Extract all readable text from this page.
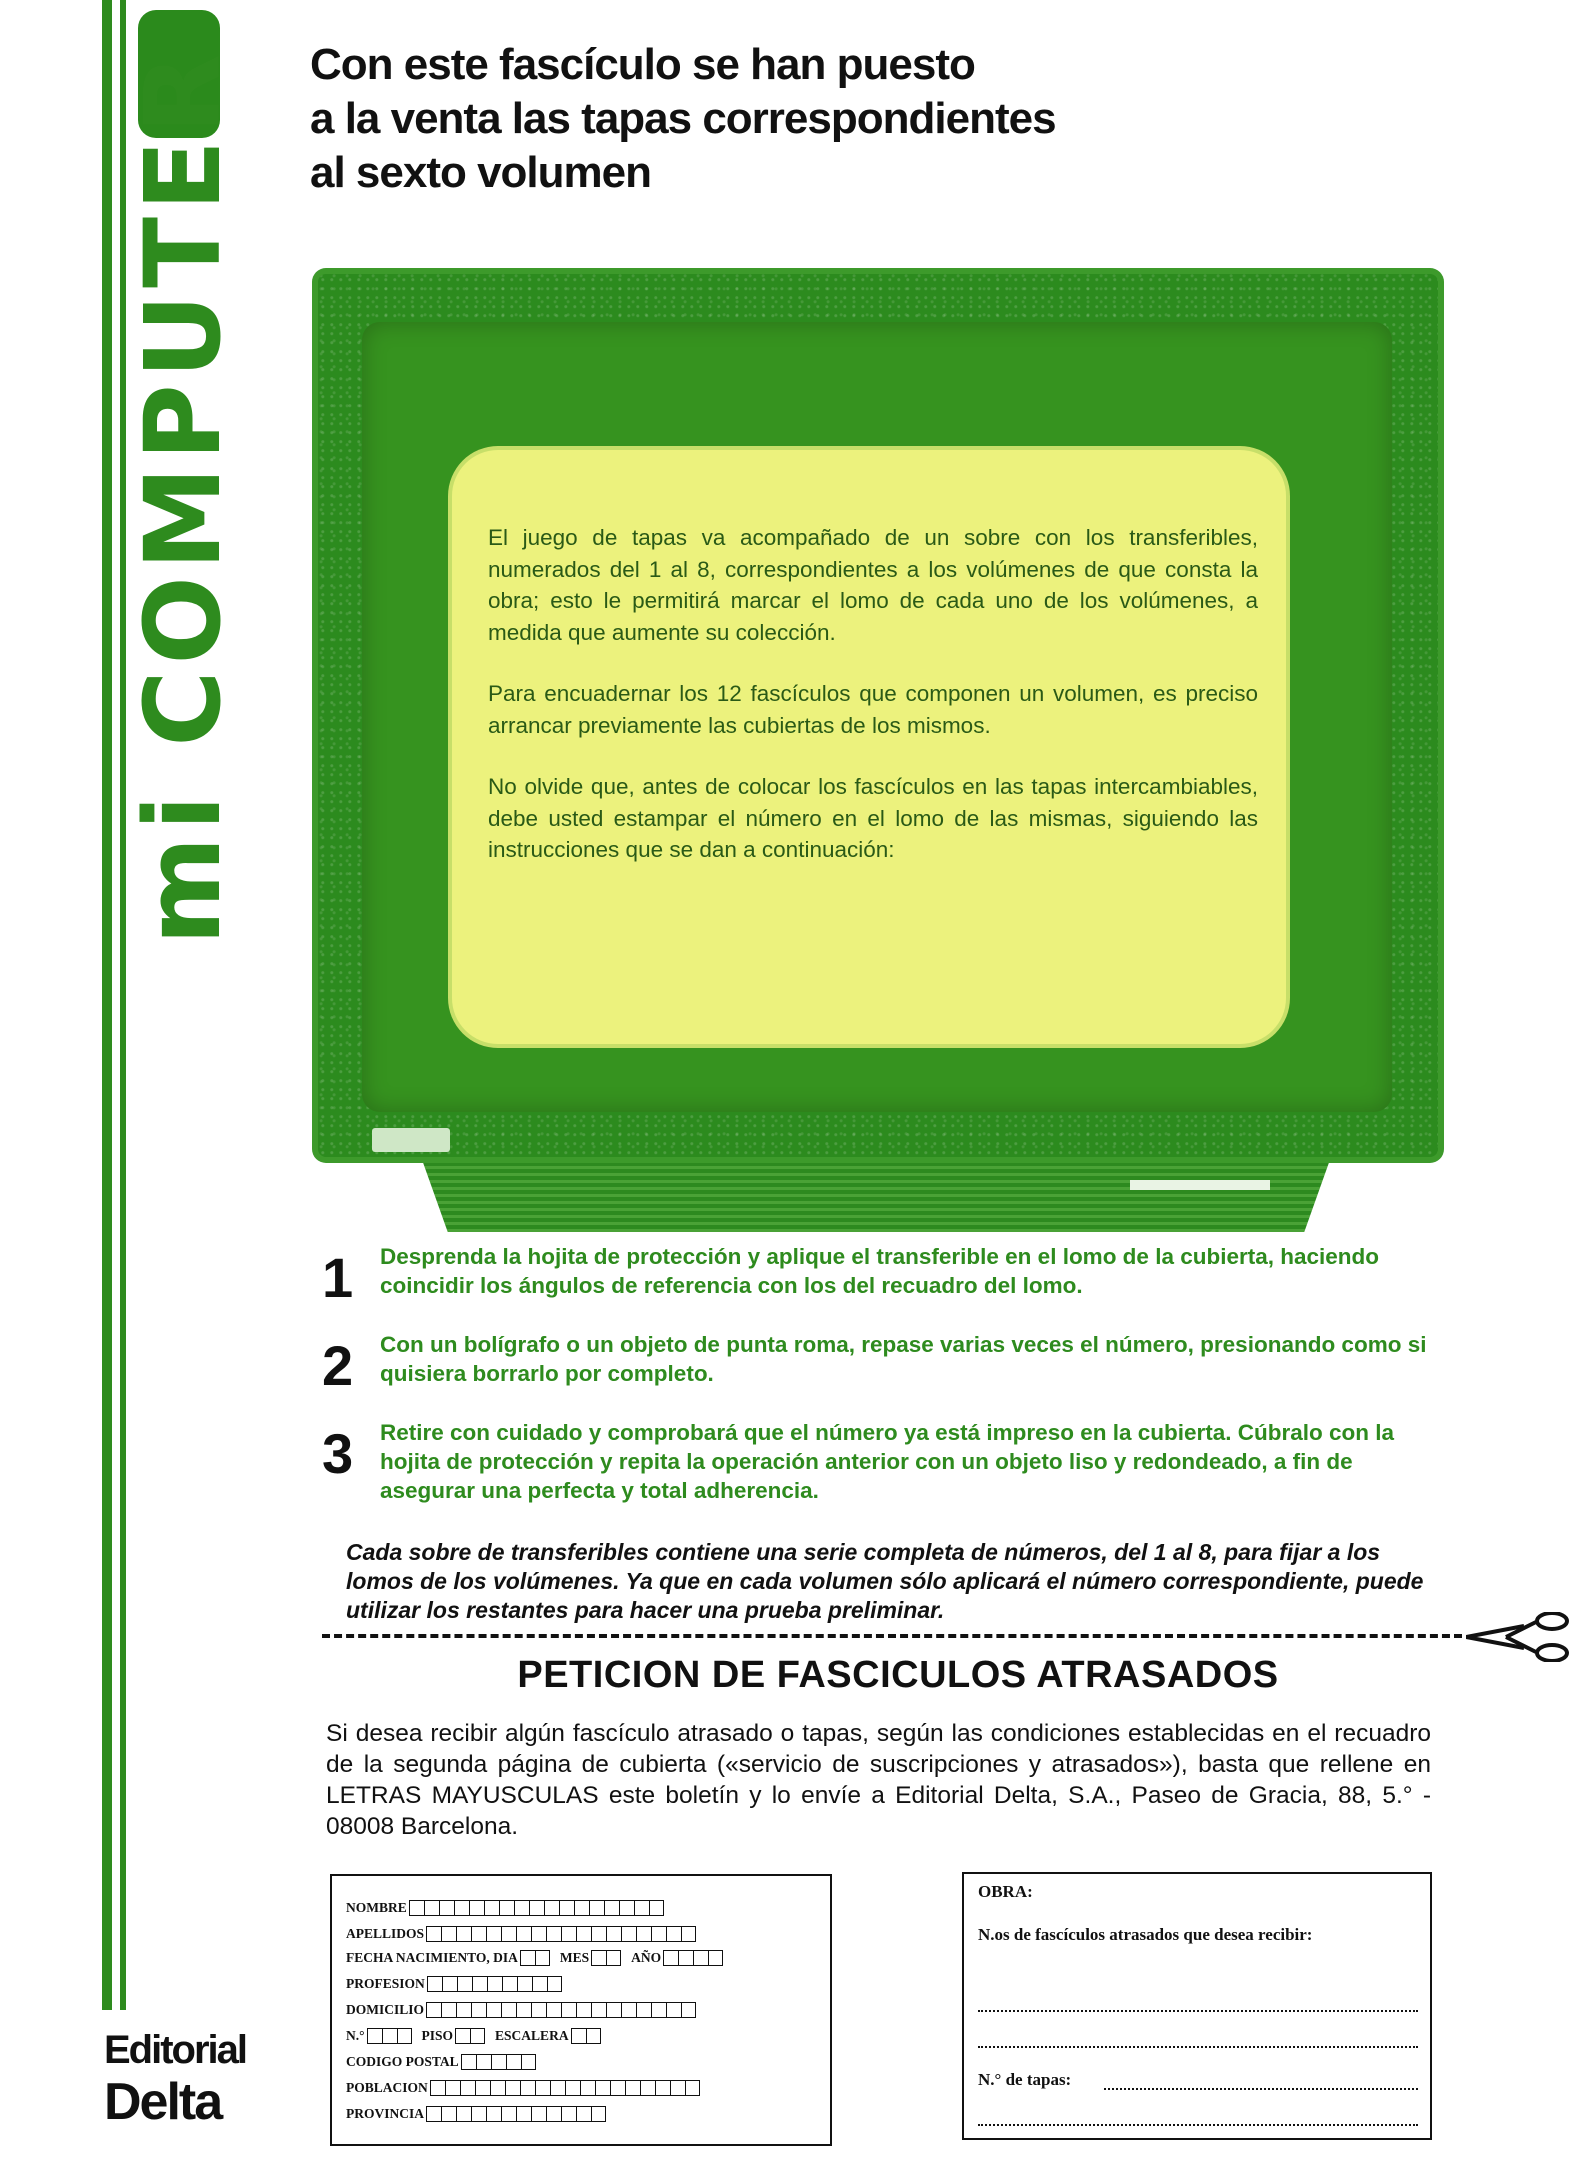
mi COMPUTER
Editorial
Delta
Con este fascículo se han puesto
a la venta las tapas correspondientes
al sexto volumen

El juego de tapas va acompañado de un sobre con los transferibles, numerados del 1 al 8, correspondientes a los volúmenes de que consta la obra; esto le permitirá marcar el lomo de cada uno de los volúmenes, a medida que aumente su colección.

Para encuadernar los 12 fascículos que componen un volumen, es preciso arrancar previamente las cubiertas de los mismos.

No olvide que, antes de colocar los fascículos en las tapas intercambiables, debe usted estampar el número en el lomo de las mismas, siguiendo las instrucciones que se dan a continuación:

1 Desprenda la hojita de protección y aplique el transferible en el lomo de la cubierta, haciendo coincidir los ángulos de referencia con los del recuadro del lomo.
2 Con un bolígrafo o un objeto de punta roma, repase varias veces el número, presionando como si quisiera borrarlo por completo.
3 Retire con cuidado y comprobará que el número ya está impreso en la cubierta. Cúbralo con la hojita de protección y repita la operación anterior con un objeto liso y redondeado, a fin de asegurar una perfecta y total adherencia.
Cada sobre de transferibles contiene una serie completa de números, del 1 al 8, para fijar a los lomos de los volúmenes. Ya que en cada volumen sólo aplicará el número correspondiente, puede utilizar los restantes para hacer una prueba preliminar.
PETICION DE FASCICULOS ATRASADOS
Si desea recibir algún fascículo atrasado o tapas, según las condiciones establecidas en el recuadro de la segunda página de cubierta («servicio de suscripciones y atrasados»), basta que rellene en LETRAS MAYUSCULAS este boletín y lo envíe a Editorial Delta, S.A., Paseo de Gracia, 88, 5.° - 08008 Barcelona.
NOMBRE
APELLIDOS
FECHA NACIMIENTO, DIA	MES	AÑO
PROFESION
DOMICILIO
N.°	PISO	ESCALERA
CODIGO POSTAL
POBLACION
PROVINCIA
OBRA:
N.os de fascículos atrasados que desea recibir:
N.° de tapas:
